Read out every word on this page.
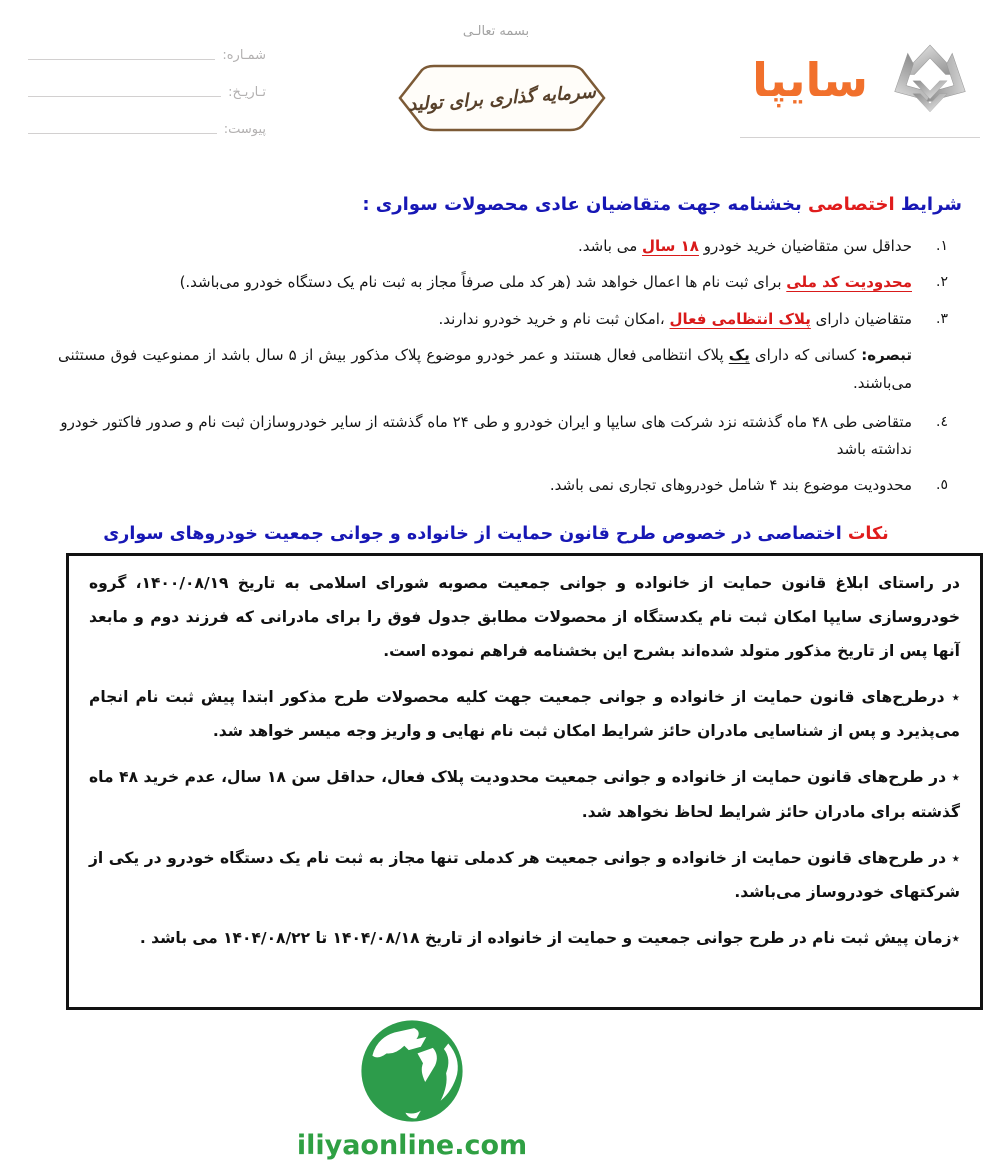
بسمه تعالـی
شمـاره:
تـاریـخ:
پیوست:
سرمایه گذاری برای تولید	سایپا
شرایط اختصاصی بخشنامه جهت متقاضیان عادی محصولات سواری :
۱.
حداقل سن متقاضیان خرید خودرو ۱۸ سال می باشد.
۲.
محدودیت کد ملی برای ثبت نام ها اعمال خواهد شد (هر کد ملی صرفاً مجاز به ثبت نام یک دستگاه خودرو می‌باشد.)
۳.
متقاضیان دارای پلاک انتظامی فعال ،امکان ثبت نام و خرید خودرو ندارند.
تبصره: کسانی که دارای یک پلاک انتظامی فعال هستند و عمر خودرو موضوع پلاک مذکور بیش از ۵ سال باشد از ممنوعیت فوق مستثنی می‌باشند.
٤.
متقاضی طی ۴۸ ماه گذشته نزد شرکت های سایپا و ایران خودرو و طی ۲۴ ماه گذشته از سایر خودروسازان ثبت نام و صدور فاکتور خودرو نداشته باشد
٥.
محدودیت موضوع بند ۴ شامل خودروهای تجاری نمی باشد.
نکات اختصاصی در خصوص طرح قانون حمایت از خانواده و جوانی جمعیت خودروهای سواری

در راستای ابلاغ قانون حمایت از خانواده و جوانی جمعیت مصوبه شورای اسلامی به تاریخ ۱۴۰۰/۰۸/۱۹، گروه خودروسازی سایپا امکان ثبت نام یکدستگاه از محصولات مطابق جدول فوق را برای مادرانی که فرزند دوم و مابعد آنها پس از تاریخ مذکور متولد شده‌اند بشرح این بخشنامه فراهم نموده است.

٭ درطرح‌های قانون حمایت از خانواده و جوانی جمعیت جهت کلیه محصولات طرح مذکور ابتدا پیش ثبت نام انجام می‌پذیرد و پس از شناسایی مادران حائز شرایط امکان ثبت نام نهایی و واریز وجه میسر خواهد شد.

٭ در طرح‌های قانون حمایت از خانواده و جوانی جمعیت محدودیت پلاک فعال، حداقل سن ۱۸ سال، عدم خرید ۴۸ ماه گذشته برای مادران حائز شرایط لحاظ نخواهد شد.

٭ در طرح‌های قانون حمایت از خانواده و جوانی جمعیت هر کدملی تنها مجاز به ثبت نام یک دستگاه خودرو در یکی از شرکتهای خودروساز می‌باشد.

٭زمان پیش ثبت نام در طرح جوانی جمعیت و حمایت از خانواده از تاریخ ۱۴۰۴/۰۸/۱۸ تا ۱۴۰۴/۰۸/۲۲ می باشد .

iliyaonline.com
